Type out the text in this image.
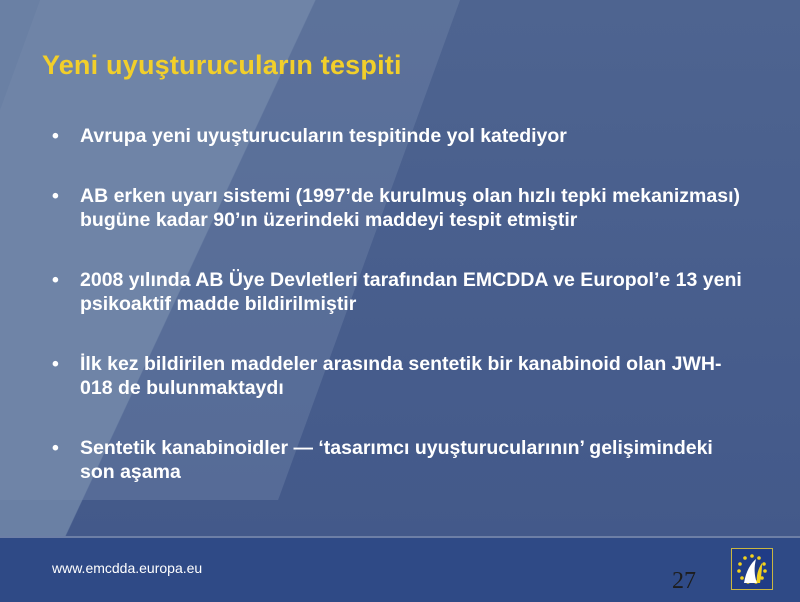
Yeni uyuşturucuların tespiti
• Avrupa yeni uyuşturucuların tespitinde yol katediyor
• AB erken uyarı sistemi (1997’de kurulmuş olan hızlı tepki mekanizması) bugüne kadar 90’ın üzerindeki maddeyi tespit etmiştir
• 2008 yılında AB Üye Devletleri tarafından EMCDDA ve Europol’e 13 yeni psikoaktif madde bildirilmiştir
• İlk kez bildirilen maddeler arasında sentetik bir kanabinoid olan JWH-018 de bulunmaktaydı
• Sentetik kanabinoidler — ‘tasarımcı uyuşturucularının’ gelişimindeki son aşama
www.emcdda.europa.eu	27
